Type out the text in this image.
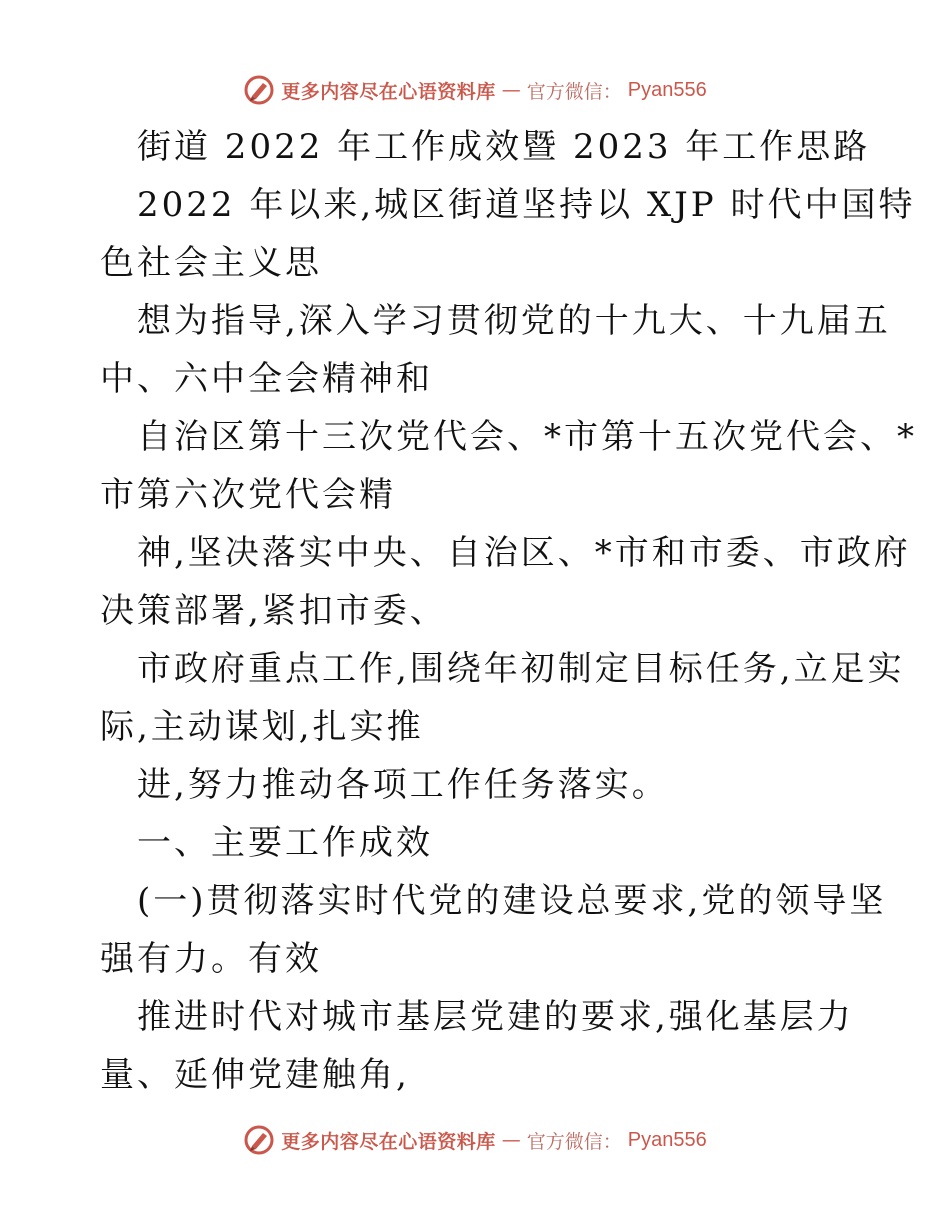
更多内容尽在心语资料库 — 官方微信： Pyan556
街道 2022 年工作成效暨 2023 年工作思路
2022 年以来,城区街道坚持以 XJP 时代中国特
色社会主义思
想为指导,深入学习贯彻党的十九大、十九届五
中、六中全会精神和
自治区第十三次党代会、*市第十五次党代会、*
市第六次党代会精
神,坚决落实中央、自治区、*市和市委、市政府
决策部署,紧扣市委、
市政府重点工作,围绕年初制定目标任务,立足实
际,主动谋划,扎实推
进,努力推动各项工作任务落实。
一、主要工作成效
(一)贯彻落实时代党的建设总要求,党的领导坚
强有力。有效
推进时代对城市基层党建的要求,强化基层力
量、延伸党建触角,
更多内容尽在心语资料库 — 官方微信： Pyan556
